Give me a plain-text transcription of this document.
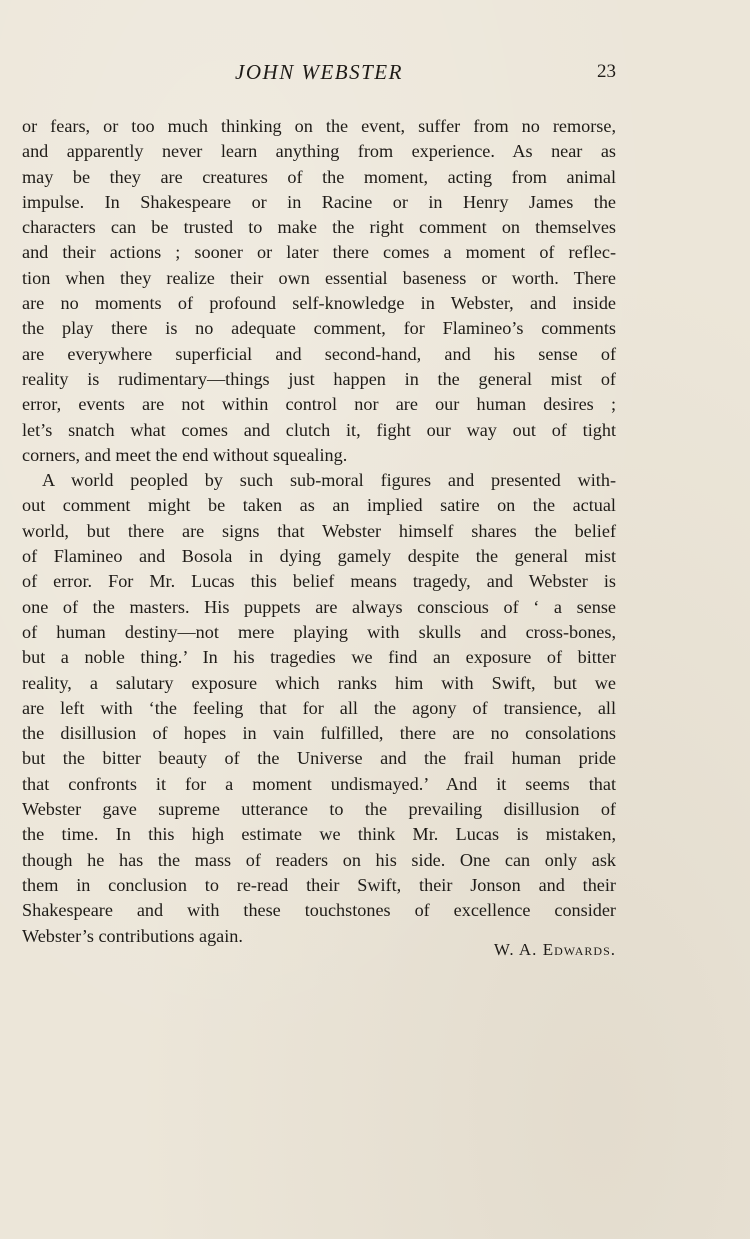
JOHN WEBSTER	23
or fears, or too much thinking on the event, suffer from no remorse,
and apparently never learn anything from experience. As near as
may be they are creatures of the moment, acting from animal
impulse. In Shakespeare or in Racine or in Henry James the
characters can be trusted to make the right comment on themselves
and their actions ; sooner or later there comes a moment of reflec-
tion when they realize their own essential baseness or worth. There
are no moments of profound self-knowledge in Webster, and inside
the play there is no adequate comment, for Flamineo’s comments
are everywhere superficial and second-hand, and his sense of
reality is rudimentary—things just happen in the general mist of
error, events are not within control nor are our human desires ;
let’s snatch what comes and clutch it, fight our way out of tight
corners, and meet the end without squealing.
A world peopled by such sub-moral figures and presented with-
out comment might be taken as an implied satire on the actual
world, but there are signs that Webster himself shares the belief
of Flamineo and Bosola in dying gamely despite the general mist
of error. For Mr. Lucas this belief means tragedy, and Webster is
one of the masters. His puppets are always conscious of ‘ a sense
of human destiny—not mere playing with skulls and cross-bones,
but a noble thing.’ In his tragedies we find an exposure of bitter
reality, a salutary exposure which ranks him with Swift, but we
are left with ‘the feeling that for all the agony of transience, all
the disillusion of hopes in vain fulfilled, there are no consolations
but the bitter beauty of the Universe and the frail human pride
that confronts it for a moment undismayed.’ And it seems that
Webster gave supreme utterance to the prevailing disillusion of
the time. In this high estimate we think Mr. Lucas is mistaken,
though he has the mass of readers on his side. One can only ask
them in conclusion to re-read their Swift, their Jonson and their
Shakespeare and with these touchstones of excellence consider
Webster’s contributions again.
W. A. Edwards.
